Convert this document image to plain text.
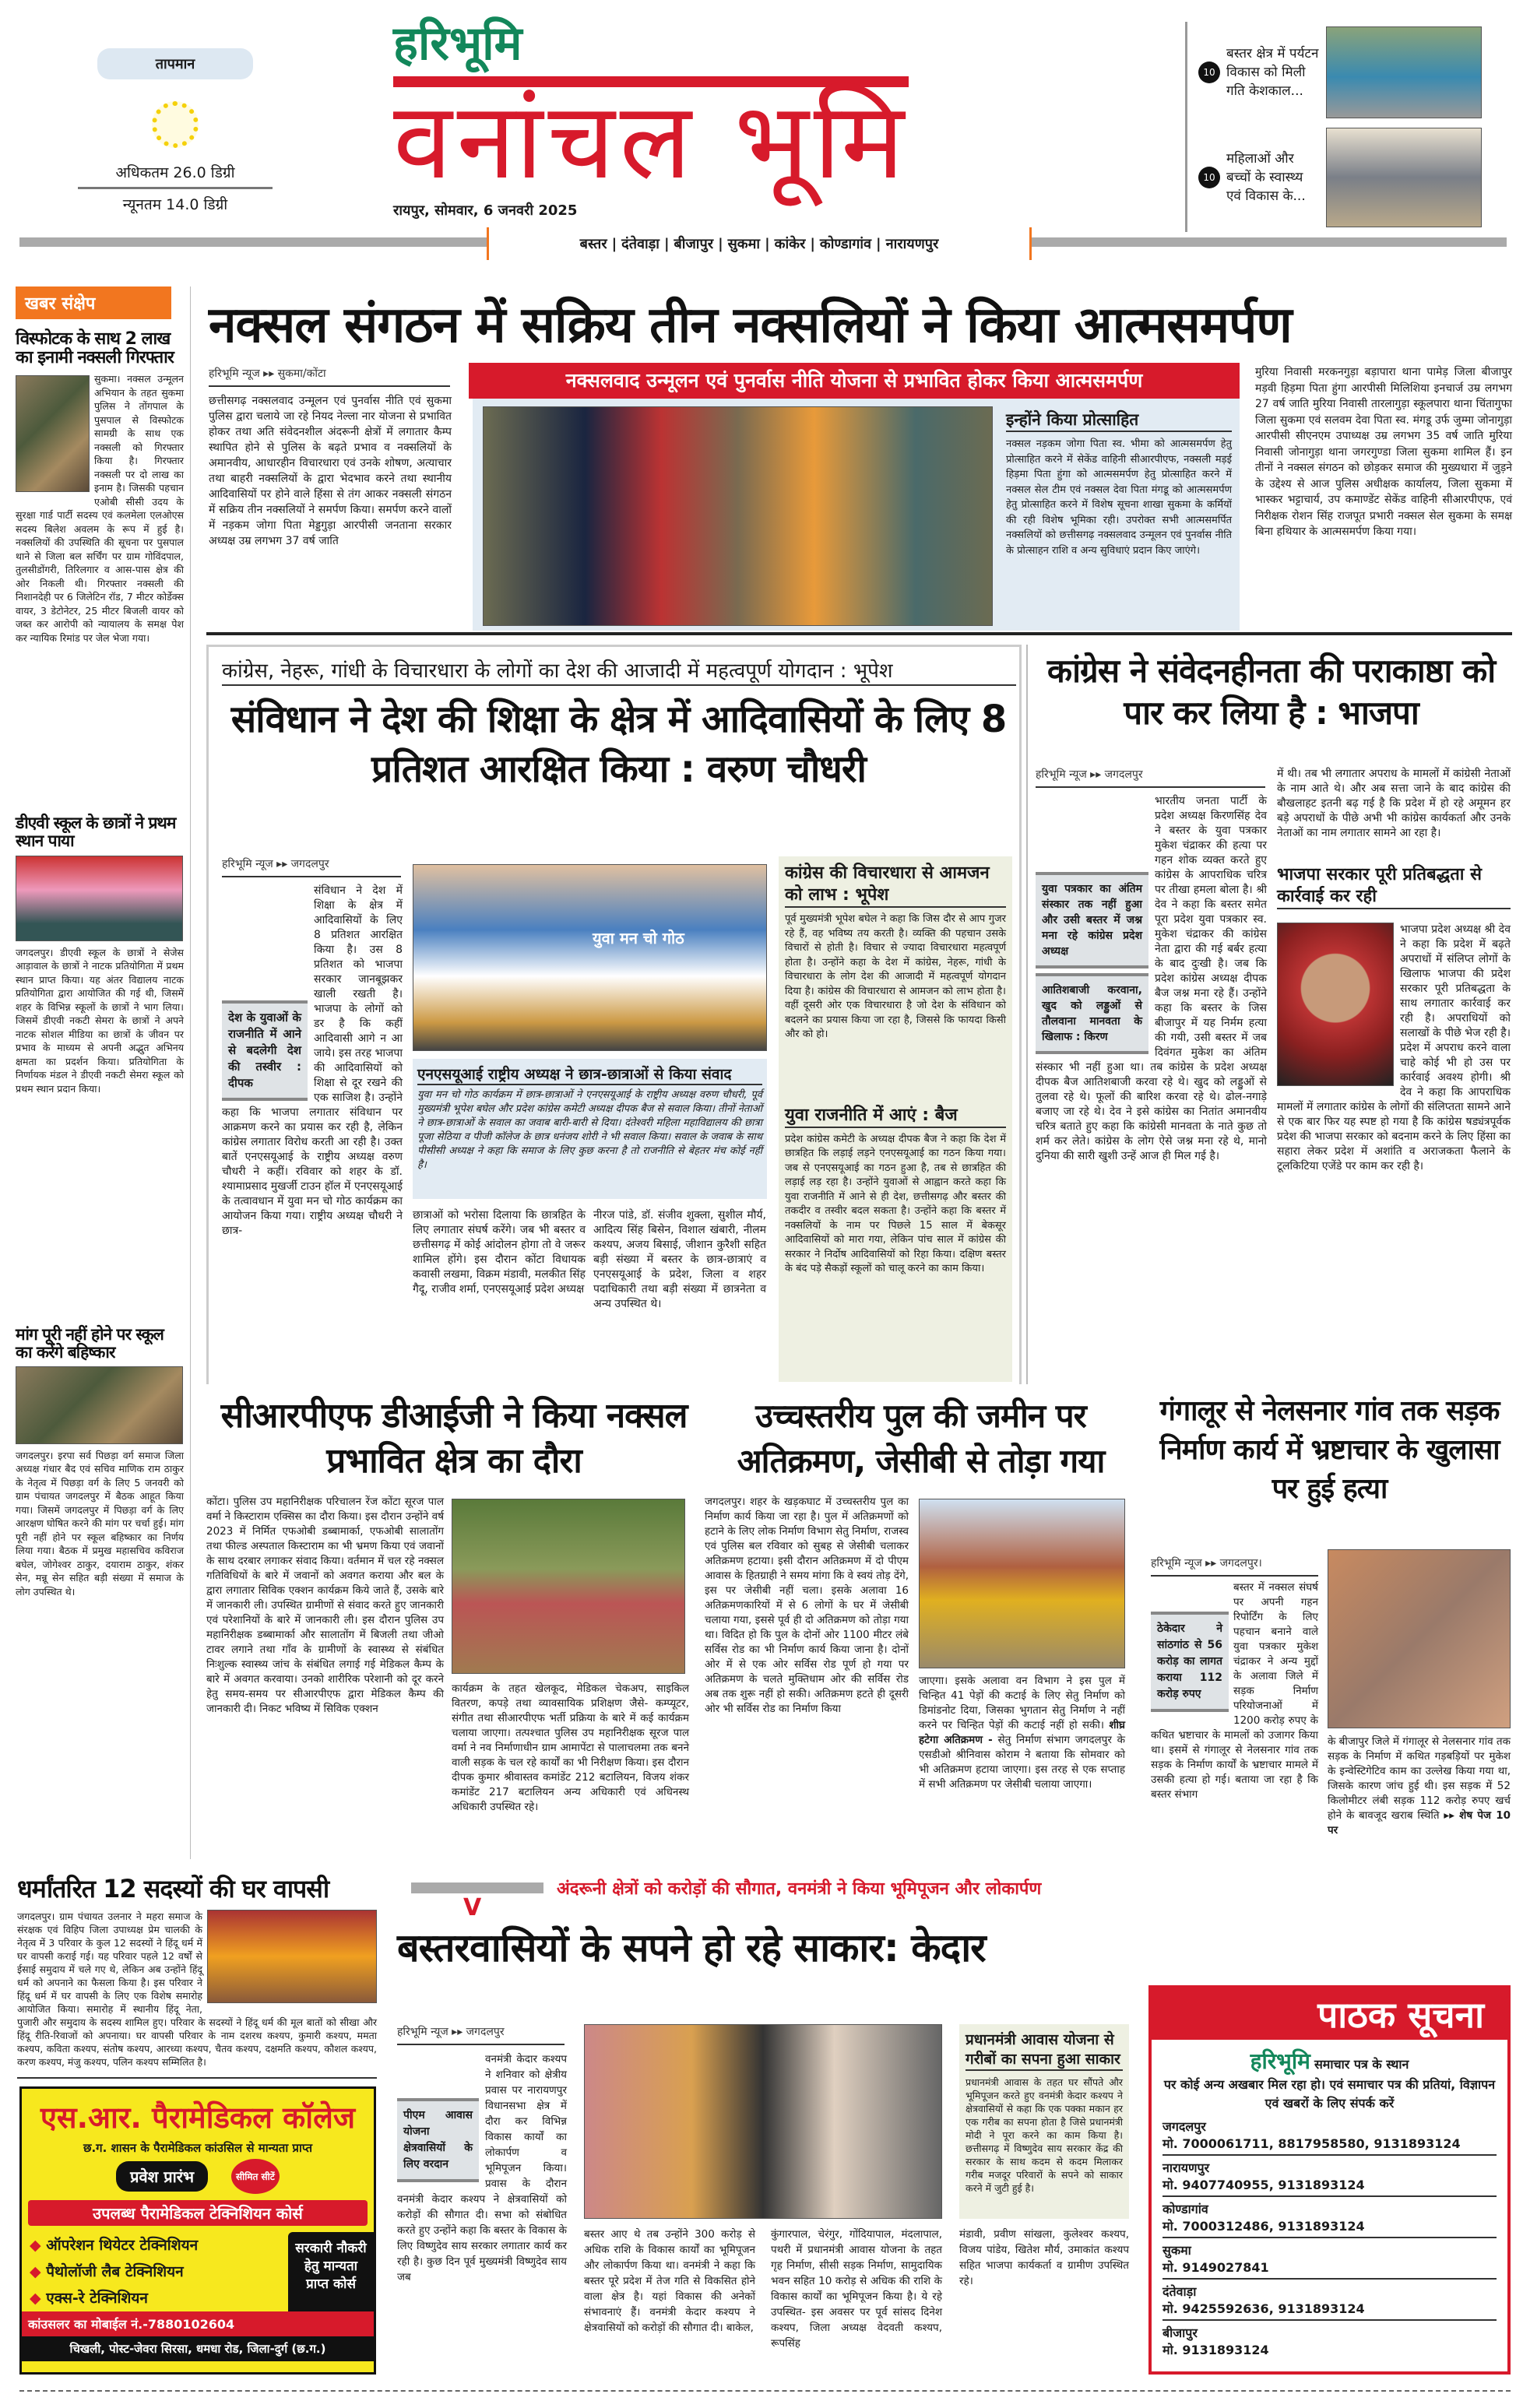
तापमान
अधिकतम 26.0 डिग्री
न्यूनतम 14.0 डिग्री
हरिभूमि
वनांचल भूमि
रायपुर, सोमवार, 6 जनवरी 2025
10
बस्तर क्षेत्र में पर्यटन विकास को मिली गति केशकाल...
10
महिलाओं और बच्चों के स्वास्थ्य एवं विकास के...
बस्तर | दंतेवाड़ा | बीजापुर | सुकमा | कांकेर | कोण्डागांव | नारायणपुर
खबर संक्षेप
विस्फोटक के साथ 2 लाख का इनामी नक्सली गिरफ्तार
सुकमा। नक्सल उन्मूलन अभियान के तहत सुकमा पुलिस ने तोंगपाल के पुसपाल से विस्फोटक सामग्री के साथ एक नक्सली को गिरफ्तार किया है। गिरफ्तार नक्सली पर दो लाख का इनाम है। जिसकी पहचान एओबी सीसी उदय के सुरक्षा गार्ड पार्टी सदस्य एवं कलमेला एलओएस सदस्य बिलेश अवलम के रूप में हुई है। नक्सलियों की उपस्थिति की सूचना पर पुसपाल थाने से जिला बल सर्चिंग पर ग्राम गोविंदपाल, तुलसीडोंगरी, तिरिलगार व आस-पास क्षेत्र की ओर निकली थी। गिरफ्तार नक्सली की निशानदेही पर 6 जिलेटिन रॉड, 7 मीटर कोर्डेक्स वायर, 3 डेटोनेटर, 25 मीटर बिजली वायर को जब्त कर आरोपी को न्यायालय के समक्ष पेश कर न्यायिक रिमांड पर जेल भेजा गया।
डीएवी स्कूल के छात्रों ने प्रथम स्थान पाया
जगदलपुर। डीएवी स्कूल के छात्रों ने सेजेस आड़ावाल के छात्रों ने नाटक प्रतियोगिता में प्रथम स्थान प्राप्त किया। यह अंतर विद्यालय नाटक प्रतियोगिता द्वारा आयोजित की गई थी, जिसमें शहर के विभिन्न स्कूलों के छात्रों ने भाग लिया। जिसमें डीएवी नकटी सेमरा के छात्रों ने अपने नाटक सोशल मीडिया का छात्रों के जीवन पर प्रभाव के माध्यम से अपनी अद्भुत अभिनय क्षमता का प्रदर्शन किया। प्रतियोगिता के निर्णायक मंडल ने डीएवी नकटी सेमरा स्कूल को प्रथम स्थान प्रदान किया।
मांग पूरी नहीं होने पर स्कूल का करेंगे बहिष्कार
जगदलपुर। इरपा सर्व पिछड़ा वर्ग समाज जिला अध्यक्ष गंधार बैद एवं सचिव माणिक राम ठाकुर के नेतृत्व में पिछड़ा वर्ग के लिए 5 जनवरी को ग्राम पंचायत जगदलपुर में बैठक आहूत किया गया। जिसमें जगदलपुर में पिछड़ा वर्ग के लिए आरक्षण घोषित करने की मांग पर चर्चा हुई। मांग पूरी नहीं होने पर स्कूल बहिष्कार का निर्णय लिया गया। बैठक में प्रमुख महासचिव कविराज बघेल, जोगेश्वर ठाकुर, दयाराम ठाकुर, शंकर सेन, मन्नू सेन सहित बड़ी संख्या में समाज के लोग उपस्थित थे।
नक्सल संगठन में सक्रिय तीन नक्सलियों ने किया आत्मसमर्पण
हरिभूमि न्यूज ▸▸ सुकमा/कोंटा
छत्तीसगढ़ नक्सलवाद उन्मूलन एवं पुनर्वास नीति एवं सुकमा पुलिस द्वारा चलाये जा रहे नियद नेल्ला नार योजना से प्रभावित होकर तथा अति संवेदनशील अंदरूनी क्षेत्रों में लगातार कैम्प स्थापित होने से पुलिस के बढ़ते प्रभाव व नक्सलियों के अमानवीय, आधारहीन विचारधारा एवं उनके शोषण, अत्याचार तथा बाहरी नक्सलियों के द्वारा भेदभाव करने तथा स्थानीय आदिवासियों पर होने वाले हिंसा से तंग आकर नक्सली संगठन में सक्रिय तीन नक्सलियों ने समर्पण किया। समर्पण करने वालों में नड़कम जोगा पिता मेड्डगुड़ा आरपीसी जनताना सरकार अध्यक्ष उम्र लगभग 37 वर्ष जाति
नक्सलवाद उन्मूलन एवं पुनर्वास नीति योजना से प्रभावित होकर किया आत्मसमर्पण
इन्होंने किया प्रोत्साहित
नक्सल नड़कम जोगा पिता स्व. भीमा को आत्मसमर्पण हेतु प्रोत्साहित करने में सेकेंड वाहिनी सीआरपीएफ, नक्सली मड़ई हिड़मा पिता हुंगा को आत्मसमर्पण हेतु प्रोत्साहित करने में नक्सल सेल टीम एवं नक्सल देवा पिता मंगडू को आत्मसमर्पण हेतु प्रोत्साहित करने में विशेष सूचना शाखा सुकमा के कर्मियों की रही विशेष भूमिका रही। उपरोक्त सभी आत्मसमर्पित नक्सलियों को छत्तीसगढ़ नक्सलवाद उन्मूलन एवं पुनर्वास नीति के प्रोत्साहन राशि व अन्य सुविधाएं प्रदान किए जाएंगे।
मुरिया निवासी मरकनगुड़ा बड़ापारा थाना पामेड़ जिला बीजापुर मड़वी हिड़मा पिता हुंगा आरपीसी मिलिशिया इनचार्ज उम्र लगभग 27 वर्ष जाति मुरिया निवासी तारलागुड़ा स्कूलपारा थाना चिंतागुफा जिला सुकमा एवं सलवम देवा पिता स्व. मंगडू उर्फ जुम्मा जोनागुड़ा आरपीसी सीएनएम उपाध्यक्ष उम्र लगभग 35 वर्ष जाति मुरिया निवासी जोनागुड़ा थाना जगरगुण्डा जिला सुकमा शामिल हैं। इन तीनों ने नक्सल संगठन को छोड़कर समाज की मुख्यधारा में जुड़ने के उद्देश्य से आज पुलिस अधीक्षक कार्यालय, जिला सुकमा में भास्कर भट्टाचार्य, उप कमाण्डेंट सेकेंड वाहिनी सीआरपीएफ, एवं निरीक्षक रोशन सिंह राजपूत प्रभारी नक्सल सेल सुकमा के समक्ष बिना हथियार के आत्मसमर्पण किया गया।
कांग्रेस, नेहरू, गांधी के विचारधारा के लोगों का देश की आजादी में महत्वपूर्ण योगदान : भूपेश
संविधान ने देश की शिक्षा के क्षेत्र में आदिवासियों के लिए 8 प्रतिशत आरक्षित किया : वरुण चौधरी
हरिभूमि न्यूज ▸▸ जगदलपुर
देश के युवाओं के राजनीति में आने से बदलेगी देश की तस्वीर : दीपक
संविधान ने देश में शिक्षा के क्षेत्र में आदिवासियों के लिए 8 प्रतिशत आरक्षित किया है। उस 8 प्रतिशत को भाजपा सरकार जानबूझकर खाली रखती है। भाजपा के लोगों को डर है कि कहीं आदिवासी आगे न आ जाये। इस तरह भाजपा की आदिवासियों को शिक्षा से दूर रखने की एक साजिश है। उन्होंने कहा कि भाजपा लगातार संविधान पर आक्रमण करने का प्रयास कर रही है, लेकिन कांग्रेस लगातार विरोध करती आ रही है। उक्त बातें एनएसयूआई के राष्ट्रीय अध्यक्ष वरुण चौधरी ने कहीं। रविवार को शहर के डॉ. श्यामाप्रसाद मुखर्जी टाउन हॉल में एनएसयूआई के तत्वावधान में युवा मन चो गोठ कार्यक्रम का आयोजन किया गया। राष्ट्रीय अध्यक्ष चौधरी ने छात्र-
युवा मन चो गोठ
एनएसयूआई राष्ट्रीय अध्यक्ष ने छात्र-छात्राओं से किया संवाद
युवा मन चो गोठ कार्यक्रम में छात्र-छात्राओं ने एनएसयूआई के राष्ट्रीय अध्यक्ष वरुण चौधरी, पूर्व मुख्यमंत्री भूपेश बघेल और प्रदेश कांग्रेस कमेटी अध्यक्ष दीपक बैज से सवाल किया। तीनों नेताओं ने छात्र-छात्राओं के सवाल का जवाब बारी-बारी से दिया। दंतेश्वरी महिला महाविद्यालय की छात्रा पूजा सेठिया व पीजी कॉलेज के छात्र धनंजय शोरी ने भी सवाल किया। सवाल के जवाब के साथ पीसीसी अध्यक्ष ने कहा कि समाज के लिए कुछ करना है तो राजनीति से बेहतर मंच कोई नहीं है।
छात्राओं को भरोसा दिलाया कि छात्रहित के लिए लगातार संघर्ष करेंगे। जब भी बस्तर व छत्तीसगढ़ में कोई आंदोलन होगा तो वे जरूर शामिल होंगे। इस दौरान कोंटा विधायक कवासी लखमा, विक्रम मंडावी, मलकीत सिंह गैदू, राजीव शर्मा, एनएसयूआई प्रदेश अध्यक्ष
नीरज पांडे, डॉ. संजीव शुक्ला, सुशील मौर्य, आदित्य सिंह बिसेन, विशाल खंबारी, नीलम कश्यप, अजय बिसाई, जीशान कुरैशी सहित बड़ी संख्या में बस्तर के छात्र-छात्राएं व एनएसयूआई के प्रदेश, जिला व शहर पदाधिकारी तथा बड़ी संख्या में छात्रनेता व अन्य उपस्थित थे।
कांग्रेस की विचारधारा से आमजन को लाभ : भूपेश
पूर्व मुख्यमंत्री भूपेश बघेल ने कहा कि जिस दौर से आप गुजर रहे हैं, वह भविष्य तय करती है। व्यक्ति की पहचान उसके विचारों से होती है। विचार से ज्यादा विचारधारा महत्वपूर्ण होता है। उन्होंने कहा के देश में कांग्रेस, नेहरू, गांधी के विचारधारा के लोग देश की आजादी में महत्वपूर्ण योगदान दिया है। कांग्रेस की विचारधारा से आमजन को लाभ होता है। वहीं दूसरी ओर एक विचारधारा है जो देश के संविधान को बदलने का प्रयास किया जा रहा है, जिससे कि फायदा किसी और को हो।
युवा राजनीति में आएं : बैज
प्रदेश कांग्रेस कमेटी के अध्यक्ष दीपक बैज ने कहा कि देश में छात्रहित कि लड़ाई लड़ने एनएसयूआई का गठन किया गया। जब से एनएसयूआई का गठन हुआ है, तब से छात्रहित की लड़ाई लड़ रहा है। उन्होंने युवाओं से आह्वान करते कहा कि युवा राजनीति में आने से ही देश, छत्तीसगढ़ और बस्तर की तकदीर व तस्वीर बदल सकता है। उन्होंने कहा कि बस्तर में नक्सलियों के नाम पर पिछले 15 साल में बेकसूर आदिवासियों को मारा गया, लेकिन पांच साल में कांग्रेस की सरकार ने निर्दोष आदिवासियों को रिहा किया। दक्षिण बस्तर के बंद पड़े सैकड़ों स्कूलों को चालू करने का काम किया।
कांग्रेस ने संवेदनहीनता की पराकाष्ठा को पार कर लिया है : भाजपा
हरिभूमि न्यूज ▸▸ जगदलपुर
युवा पत्रकार का अंतिम संस्कार तक नहीं हुआ और उसी बस्तर में जश्न मना रहे कांग्रेस प्रदेश अध्यक्ष
आतिशबाजी करवाना, खुद को लड्डुओं से तौलवाना मानवता के खिलाफ : किरण
भारतीय जनता पार्टी के प्रदेश अध्यक्ष किरणसिंह देव ने बस्तर के युवा पत्रकार मुकेश चंद्राकर की हत्या पर गहन शोक व्यक्त करते हुए कांग्रेस के आपराधिक चरित्र पर तीखा हमला बोला है। श्री देव ने कहा कि बस्तर समेत पूरा प्रदेश युवा पत्रकार स्व. मुकेश चंद्राकर की कांग्रेस नेता द्वारा की गई बर्बर हत्या के बाद दुःखी है। जब कि प्रदेश कांग्रेस अध्यक्ष दीपक बैज जश्न मना रहे हैं। उन्होंने कहा कि बस्तर के जिस बीजापुर में यह निर्मम हत्या की गयी, उसी बस्तर में जब दिवंगत मुकेश का अंतिम संस्कार भी नहीं हुआ था। तब कांग्रेस के प्रदेश अध्यक्ष दीपक बैज आतिशबाजी करवा रहे थे। खुद को लड्डुओं से तुलवा रहे थे। फूलों की बारिश करवा रहे थे। ढोल-नगाड़े बजाए जा रहे थे। देव ने इसे कांग्रेस का नितांत अमानवीय चरित्र बताते हुए कहा कि कांग्रेसी मानवता के नाते कुछ तो शर्म कर लेते। कांग्रेस के लोग ऐसे जश्न मना रहे थे, मानो दुनिया की सारी खुशी उन्हें आज ही मिल गई है।
में थी। तब भी लगातार अपराध के मामलों में कांग्रेसी नेताओं के नाम आते थे। और अब सत्ता जाने के बाद कांग्रेस की बौखलाहट इतनी बढ़ गई है कि प्रदेश में हो रहे अमूमन हर बड़े अपराधों के पीछे अभी भी कांग्रेस कार्यकर्ता और उनके नेताओं का नाम लगातार सामने आ रहा है।
भाजपा सरकार पूरी प्रतिबद्धता से कार्रवाई कर रही
भाजपा प्रदेश अध्यक्ष श्री देव ने कहा कि प्रदेश में बढ़ते अपराधों में संलिप्त लोगों के खिलाफ भाजपा की प्रदेश सरकार पूरी प्रतिबद्धता के साथ लगातार कार्रवाई कर रही है। अपराधियों को सलाखों के पीछे भेज रही है। प्रदेश में अपराध करने वाला चाहे कोई भी हो उस पर कार्रवाई अवश्य होगी। श्री देव ने कहा कि आपराधिक मामलों में लगातार कांग्रेस के लोगों की संलिप्तता सामने आने से एक बार फिर यह स्पष्ट हो गया है कि कांग्रेस षड्यंत्रपूर्वक प्रदेश की भाजपा सरकार को बदनाम करने के लिए हिंसा का सहारा लेकर प्रदेश में अशांति व अराजकता फैलाने के टूलकिटिया एजेंडे पर काम कर रही है।
सीआरपीएफ डीआईजी ने किया नक्सल प्रभावित क्षेत्र का दौरा
कोंटा। पुलिस उप महानिरीक्षक परिचालन रेंज कोंटा सूरज पाल वर्मा ने किस्टाराम एक्सिस का दौरा किया। इस दौरान उन्होंने वर्ष 2023 में निर्मित एफओबी डब्बामार्का, एफओबी सालातोंग तथा फील्ड अस्पताल किस्टाराम का भी भ्रमण किया एवं जवानों के साथ दरबार लगाकर संवाद किया। वर्तमान में चल रहे नक्सल गतिविधियों के बारे में जवानों को अवगत कराया और बल के द्वारा लगातार सिविक एक्शन कार्यक्रम किये जाते हैं, उसके बारे में जानकारी ली। उपस्थित ग्रामीणों से संवाद करते हुए जानकारी एवं परेशानियों के बारे में जानकारी ली। इस दौरान पुलिस उप महानिरीक्षक डब्बामार्का और सालातोंग में बिजली तथा जीओ टावर लगाने तथा गाँव के ग्रामीणों के स्वास्थ्य से संबंधित निःशुल्क स्वास्थ्य जांच के संबंधित लगाई गई मेडिकल कैम्प के बारे में अवगत करवाया। उनको शारीरिक परेशानी को दूर करने हेतु समय-समय पर सीआरपीएफ द्वारा मेडिकल कैम्प की जानकारी दी। निकट भविष्य में सिविक एक्शन
कार्यक्रम के तहत खेलकूद, मेडिकल चेकअप, साइकिल वितरण, कपड़े तथा व्यावसायिक प्रशिक्षण जैसे- कम्प्यूटर, संगीत तथा सीआरपीएफ भर्ती प्रक्रिया के बारे में कई कार्यक्रम चलाया जाएगा। तत्पश्चात पुलिस उप महानिरीक्षक सूरज पाल वर्मा ने नव निर्माणाधीन ग्राम आमापेंटा से पालाचलमा तक बनने वाली सड़क के चल रहे कार्यों का भी निरीक्षण किया। इस दौरान दीपक कुमार श्रीवास्तव कमांडेंट 212 बटालियन, विजय शंकर कमांडेंट 217 बटालियन अन्य अधिकारी एवं अधिनस्थ अधिकारी उपस्थित रहे।
उच्चस्तरीय पुल की जमीन पर अतिक्रमण, जेसीबी से तोड़ा गया
जगदलपुर। शहर के खड़कघाट में उच्चस्तरीय पुल का निर्माण कार्य किया जा रहा है। पुल में अतिक्रमणों को हटाने के लिए लोक निर्माण विभाग सेतु निर्माण, राजस्व एवं पुलिस बल रविवार को सुबह से जेसीबी चलाकर अतिक्रमण हटाया। इसी दौरान अतिक्रमण में दो पीएम आवास के हितग्राही ने समय मांगा कि वे स्वयं तोड़ देंगे, इस पर जेसीबी नहीं चला। इसके अलावा 16 अतिक्रमणकारियों में से 6 लोगों के घर में जेसीबी चलाया गया, इससे पूर्व ही दो अतिक्रमण को तोड़ा गया था। विदित हो कि पुल के दोनों ओर 1100 मीटर लंबे सर्विस रोड का भी निर्माण कार्य किया जाना है। दोनों ओर में से एक ओर सर्विस रोड पूर्ण हो गया पर अतिक्रमण के चलते मुक्तिधाम ओर की सर्विस रोड अब तक शुरू नहीं हो सकी। अतिक्रमण हटते ही दूसरी ओर भी सर्विस रोड का निर्माण किया
जाएगा। इसके अलावा वन विभाग ने इस पुल में चिन्हित 41 पेड़ों की कटाई के लिए सेतु निर्माण को डिमांडनोट दिया, जिसका भुगतान सेतु निर्माण ने नहीं करने पर चिन्हित पेड़ों की कटाई नहीं हो सकी। शीघ्र हटेगा अतिक्रमण - सेतु निर्माण संभाग जगदलपुर के एसडीओ श्रीनिवास कोराम ने बताया कि सोमवार को भी अतिक्रमण हटाया जाएगा। इस तरह से एक सप्ताह में सभी अतिक्रमण पर जेसीबी चलाया जाएगा।
गंगालूर से नेलसनार गांव तक सड़क निर्माण कार्य में भ्रष्टाचार के खुलासा पर हुई हत्या
हरिभूमि न्यूज ▸▸ जगदलपुर।
ठेकेदार ने सांठगांठ से 56 करोड़ का लागत कराया 112 करोड़ रुपए
बस्तर में नक्सल संघर्ष पर अपनी गहन रिपोर्टिंग के लिए पहचान बनाने वाले युवा पत्रकार मुकेश चंद्राकर ने अन्य मुद्दों के अलावा जिले में सड़क निर्माण परियोजनाओं में 1200 करोड़ रुपए के कथित भ्रष्टाचार के मामलों को उजागर किया था। इसमें से गंगालूर से नेलसनार गांव तक सड़क के निर्माण कार्यों के भ्रष्टाचार मामले में उसकी हत्या हो गई। बताया जा रहा है कि बस्तर संभाग
के बीजापुर जिले में गंगालूर से नेलसनार गांव तक सड़क के निर्माण में कथित गड़बड़ियों पर मुकेश के इन्वेस्टिगेटिव काम का उल्लेख किया गया था, जिसके कारण जांच हुई थी। इस सड़क में 52 किलोमीटर लंबी सड़क 112 करोड़ रुपए खर्च होने के बावजूद खराब स्थिति ▸▸ शेष पेज 10 पर
धर्मांतरित 12 सदस्यों की घर वापसी
जगदलपुर। ग्राम पंचायत उलनार ने महरा समाज के संरक्षक एवं विहिप जिला उपाध्यक्ष प्रेम चालकी के नेतृत्व में 3 परिवार के कुल 12 सदस्यों ने हिंदू धर्म में घर वापसी कराई गई। यह परिवार पहले 12 वर्षों से ईसाई समुदाय में चले गए थे, लेकिन अब उन्होंने हिंदू धर्म को अपनाने का फैसला किया है। इस परिवार ने हिंदू धर्म में घर वापसी के लिए एक विशेष समारोह आयोजित किया। समारोह में स्थानीय हिंदू नेता, पुजारी और समुदाय के सदस्य शामिल हुए। परिवार के सदस्यों ने हिंदू धर्म की मूल बातों को सीखा और हिंदू रीति-रिवाजों को अपनाया। घर वापसी परिवार के नाम दशरथ कश्यप, कुमारी कश्यप, ममता कश्यप, कविता कश्यप, संतोष कश्यप, आरध्या कश्यप, चैतव कश्यप, दक्षमति कश्यप, कौशल कश्यप, करण कश्यप, मंजु कश्यप, पलिन कश्यप सम्मिलित है।
एस.आर. पैरामेडिकल कॉलेज
छ.ग. शासन के पैरामेडिकल कांउसिल से मान्यता प्राप्त
प्रवेश प्रारंभ	सीमित सीटें
उपलब्ध पैरामेडिकल टेक्निशियन कोर्स
◆ ऑपरेशन थियेटर टेक्निशियन
◆ पैथोलॉजी लैब टेक्निशियन
◆ एक्स-रे टेक्निशियन
सरकारी नौकरी हेतु मान्यता प्राप्त कोर्स
कांउसलर का मोबाईल नं.-7880102604
चिखली, पोस्ट-जेवरा सिरसा, धमधा रोड, जिला-दुर्ग (छ.ग.)
V
अंदरूनी क्षेत्रों को करोड़ों की सौगात, वनमंत्री ने किया भूमिपूजन और लोकार्पण
बस्तरवासियों के सपने हो रहे साकार: केदार
हरिभूमि न्यूज ▸▸ जगदलपुर
पीएम आवास योजना क्षेत्रवासियों के लिए वरदान
वनमंत्री केदार कश्यप ने शनिवार को क्षेत्रीय प्रवास पर नारायणपुर विधानसभा क्षेत्र में दौरा कर विभिन्न विकास कार्यों का लोकार्पण व भूमिपूजन किया। प्रवास के दौरान वनमंत्री केदार कश्यप ने क्षेत्रवासियों को करोड़ों की सौगात दी। सभा को संबोधित करते हुए उन्होंने कहा कि बस्तर के विकास के लिए विष्णुदेव साय सरकार लगातार कार्य कर रही है। कुछ दिन पूर्व मुख्यमंत्री विष्णुदेव साय जब
बस्तर आए थे तब उन्होंने 300 करोड़ से अधिक राशि के विकास कार्यों का भूमिपूजन और लोकार्पण किया था। वनमंत्री ने कहा कि बस्तर पूरे प्रदेश में तेज गति से विकसित होने वाला क्षेत्र है। यहां विकास की अनेकों संभावनाएं हैं। वनमंत्री केदार कश्यप ने क्षेत्रवासियों को करोड़ों की सौगात दी। बाकेल,
कुंगारपाल, चेरंगुर, गोंदियापाल, मंदलापाल, पथरी में प्रधानमंत्री आवास योजना के तहत गृह निर्माण, सीसी सड़क निर्माण, सामुदायिक भवन सहित 10 करोड़ से अधिक की राशि के विकास कार्यों का भूमिपूजन किया है। ये रहे उपस्थित- इस अवसर पर पूर्व सांसद दिनेश कश्यप, जिला अध्यक्ष वेदवती कश्यप, रूपसिंह
प्रधानमंत्री आवास योजना से गरीबों का सपना हुआ साकार
प्रधानमंत्री आवास के तहत घर सौंपते और भूमिपूजन करते हुए वनमंत्री केदार कश्यप ने क्षेत्रवासियों से कहा कि एक पक्का मकान हर एक गरीब का सपना होता है जिसे प्रधानमंत्री मोदी ने पूरा करने का काम किया है। छत्तीसगढ़ में विष्णुदेव साय सरकार केंद्र की सरकार के साथ कदम से कदम मिलाकर गरीब मजदूर परिवारों के सपने को साकार करने में जुटी हुई है।
मंडावी, प्रवीण सांखला, कुलेश्वर कश्यप, विजय पांडेय, खितेश मौर्य, उमाकांत कश्यप सहित भाजपा कार्यकर्ता व ग्रामीण उपस्थित रहे।
पाठक सूचना
हरिभूमि समाचार पत्र के स्थान
पर कोई अन्य अखबार मिल रहा हो। एवं समाचार पत्र की प्रतियां, विज्ञापन एवं खबरों के लिए संपर्क करें
जगदलपुर
मो. 7000061711, 8817958580, 9131893124
नारायणपुर
मो. 9407740955, 9131893124
कोण्डागांव
मो. 7000312486, 9131893124
सुकमा
मो. 9149027841
दंतेवाड़ा
मो. 9425592636, 9131893124
बीजापुर
मो. 9131893124
